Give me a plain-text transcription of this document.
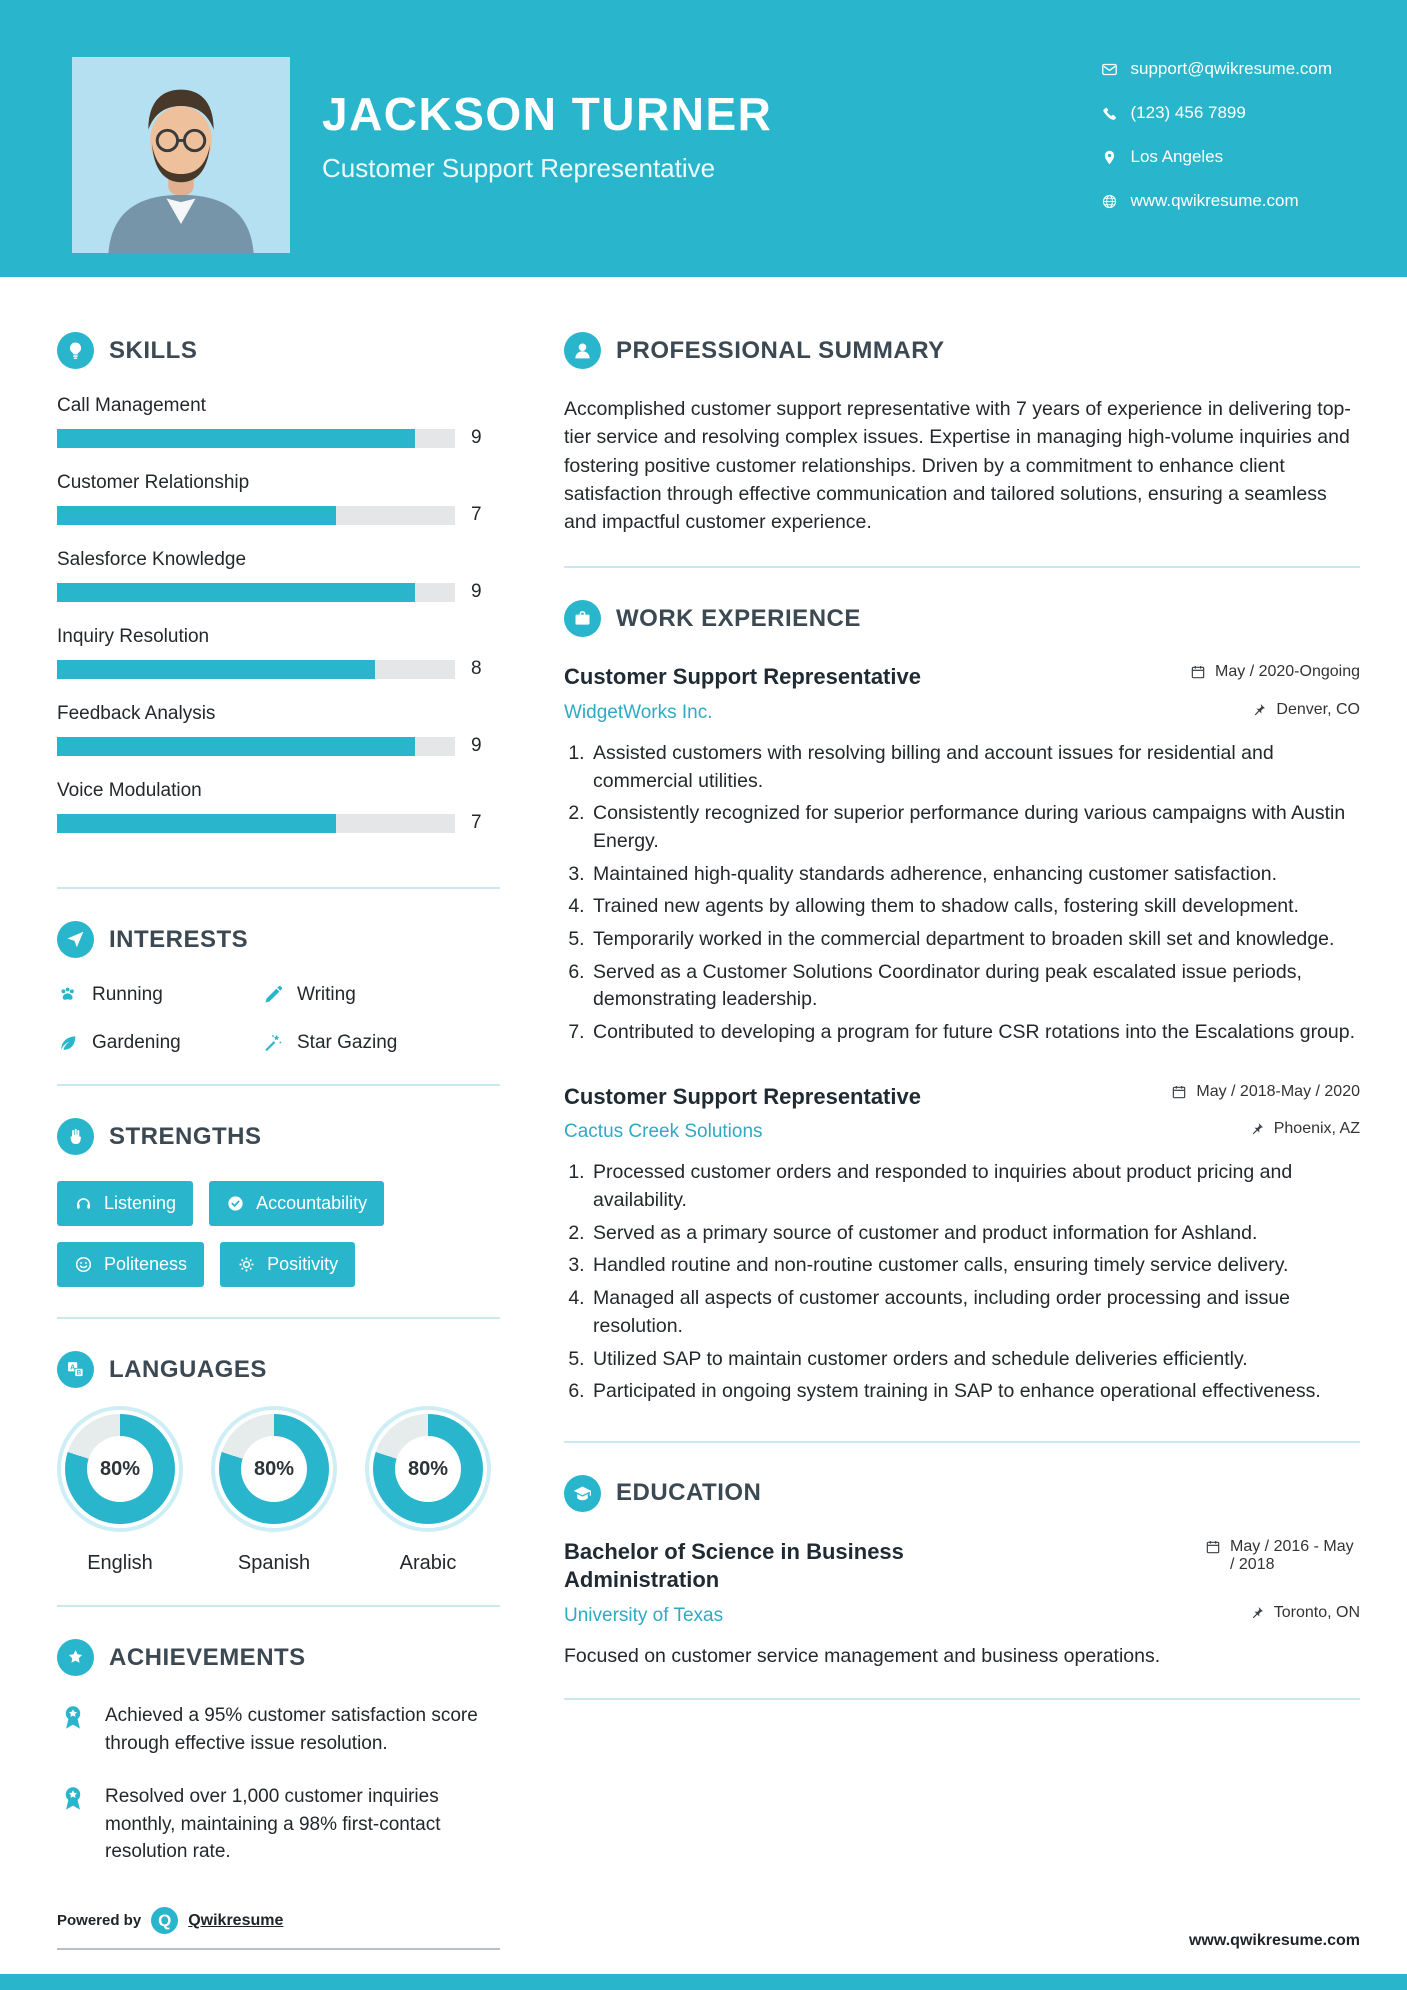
JACKSON TURNER
Customer Support Representative
support@qwikresume.com
(123) 456 7899
Los Angeles
www.qwikresume.com
SKILLS
Call Management
9
Customer Relationship
7
Salesforce Knowledge
9
Inquiry Resolution
8
Feedback Analysis
9
Voice Modulation
7
INTERESTS
Running	Writing
Gardening	Star Gazing
STRENGTHS
Listening	Accountability
Politeness	Positivity
A
B LANGUAGES
80%
English
80%
Spanish
80%
Arabic
ACHIEVEMENTS
Achieved a 95% customer satisfaction score through effective issue resolution.
Resolved over 1,000 customer inquiries monthly, maintaining a 98% first-contact resolution rate.
PROFESSIONAL SUMMARY
Accomplished customer support representative with 7 years of experience in delivering top-tier service and resolving complex issues. Expertise in managing high-volume inquiries and fostering positive customer relationships. Driven by a commitment to enhance client satisfaction through effective communication and tailored solutions, ensuring a seamless and impactful customer experience.
WORK EXPERIENCE
Customer Support Representative	May / 2020-Ongoing
WidgetWorks Inc.	Denver, CO
1. Assisted customers with resolving billing and account issues for residential and commercial utilities.
2. Consistently recognized for superior performance during various campaigns with Austin Energy.
3. Maintained high-quality standards adherence, enhancing customer satisfaction.
4. Trained new agents by allowing them to shadow calls, fostering skill development.
5. Temporarily worked in the commercial department to broaden skill set and knowledge.
6. Served as a Customer Solutions Coordinator during peak escalated issue periods, demonstrating leadership.
7. Contributed to developing a program for future CSR rotations into the Escalations group.
Customer Support Representative	May / 2018-May / 2020
Cactus Creek Solutions	Phoenix, AZ
1. Processed customer orders and responded to inquiries about product pricing and availability.
2. Served as a primary source of customer and product information for Ashland.
3. Handled routine and non-routine customer calls, ensuring timely service delivery.
4. Managed all aspects of customer accounts, including order processing and issue resolution.
5. Utilized SAP to maintain customer orders and schedule deliveries efficiently.
6. Participated in ongoing system training in SAP to enhance operational effectiveness.
EDUCATION
Bachelor of Science in Business Administration
May / 2016 - May / 2018
University of Texas	Toronto, ON
Focused on customer service management and business operations.
Powered by Q	Qwikresume
www.qwikresume.com
